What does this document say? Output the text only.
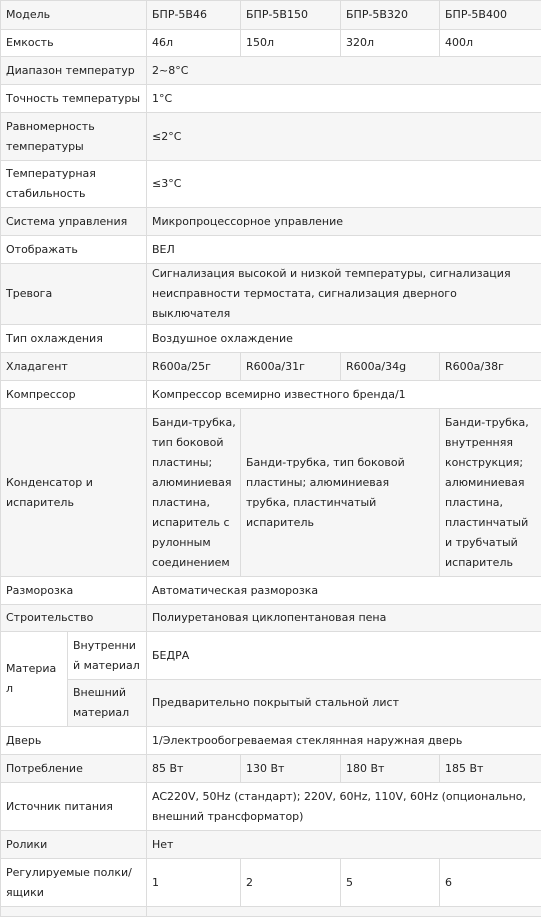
Модель		БПР-5В46	БПР-5В150	БПР-5В320	БПР-5В400
Емкость		46л	150л	320л	400л
Диапазон температур		2~8°C			
Точность температуры		1°C			
Равномерность температуры		≤2°C			
Температурная стабильность		≤3°C			
Система управления		Микропроцессорное управление			
Отображать		ВЕЛ			
Тревога		Сигнализация высокой и низкой температуры, сигнализация неисправности термостата, сигнализация дверного выключателя			
Тип охлаждения		Воздушное охлаждение			
Хладагент		R600a/25г	R600a/31г	R600a/34g	R600a/38г
Компрессор		Компрессор всемирно известного бренда/1			
Конденсатор и испаритель		Банди-трубка, тип боковой пластины; алюминиевая пластина, испаритель с рулонным соединением	Банди-трубка, тип боковой пластины; алюминиевая трубка, пластинчатый испаритель		Банди-трубка, внутренняя конструкция; алюминиевая пластина, пластинчатый и трубчатый испаритель
Разморозка		Автоматическая разморозка			
Строительство		Полиуретановая циклопентановая пена			
Материал	Внутренний материал	БЕДРА			
	Внешний материал	Предварительно покрытый стальной лист			
Дверь		1/Электрообогреваемая стеклянная наружная дверь			
Потребление		85 Вт	130 Вт	180 Вт	185 Вт
Источник питания		AC220V, 50Hz (стандарт); 220V, 60Hz, 110V, 60Hz (опционально, внешний трансформатор)			
Ролики		Нет			
Регулируемые полки/ящики		1	2	5	6
